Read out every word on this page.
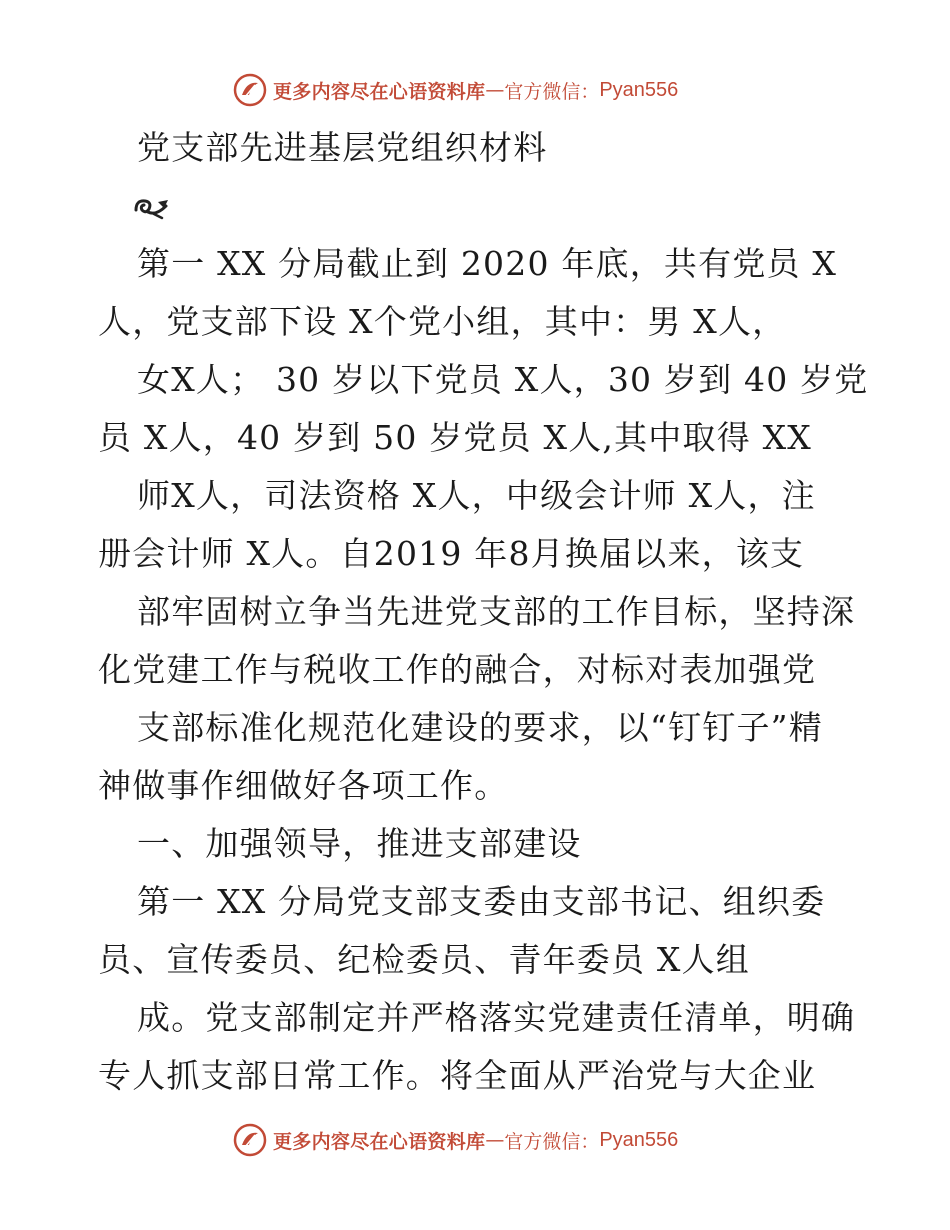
更多内容尽在心语资料库 — 官方微信： Pyan556
党支部先进基层党组织材料
第一 XX 分局截止到 2020 年底，共有党员 X
人，党支部下设 X个党小组，其中：男 X人，
女X人； 30 岁以下党员 X人，30 岁到 40 岁党
员 X人，40 岁到 50 岁党员 X人,其中取得 XX
师X人，司法资格 X人，中级会计师 X人，注
册会计师 X人。自2019 年8月换届以来，该支
部牢固树立争当先进党支部的工作目标，坚持深
化党建工作与税收工作的融合，对标对表加强党
支部标准化规范化建设的要求，以“钉钉子”精
神做事作细做好各项工作。
一、加强领导，推进支部建设
第一 XX 分局党支部支委由支部书记、组织委
员、宣传委员、纪检委员、青年委员 X人组
成。党支部制定并严格落实党建责任清单，明确
专人抓支部日常工作。将全面从严治党与大企业
更多内容尽在心语资料库 — 官方微信： Pyan556
